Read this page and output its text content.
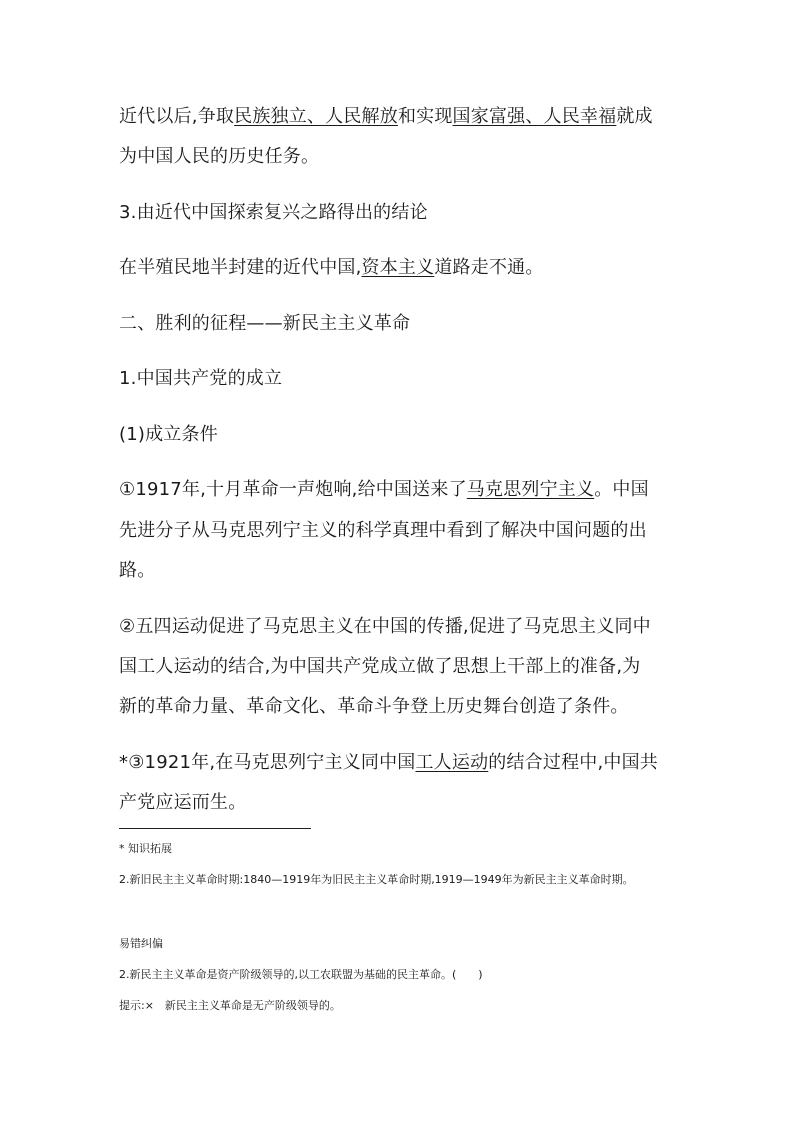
近代以后,争取民族独立、人民解放和实现国家富强、人民幸福就成
为中国人民的历史任务。
3.由近代中国探索复兴之路得出的结论
在半殖民地半封建的近代中国,资本主义道路走不通。
二、胜利的征程——新民主主义革命
1.中国共产党的成立
(1)成立条件
①1917年,十月革命一声炮响,给中国送来了马克思列宁主义。中国
先进分子从马克思列宁主义的科学真理中看到了解决中国问题的出
路。
②五四运动促进了马克思主义在中国的传播,促进了马克思主义同中
国工人运动的结合,为中国共产党成立做了思想上干部上的准备,为
新的革命力量、革命文化、革命斗争登上历史舞台创造了条件。
*③1921年,在马克思列宁主义同中国工人运动的结合过程中,中国共
产党应运而生。
* 知识拓展
2.新旧民主主义革命时期:1840—1919年为旧民主主义革命时期,1919—1949年为新民主主义革命时期。
易错纠偏
2.新民主主义革命是资产阶级领导的,以工农联盟为基础的民主革命。(　　)
提示:×　新民主主义革命是无产阶级领导的。
